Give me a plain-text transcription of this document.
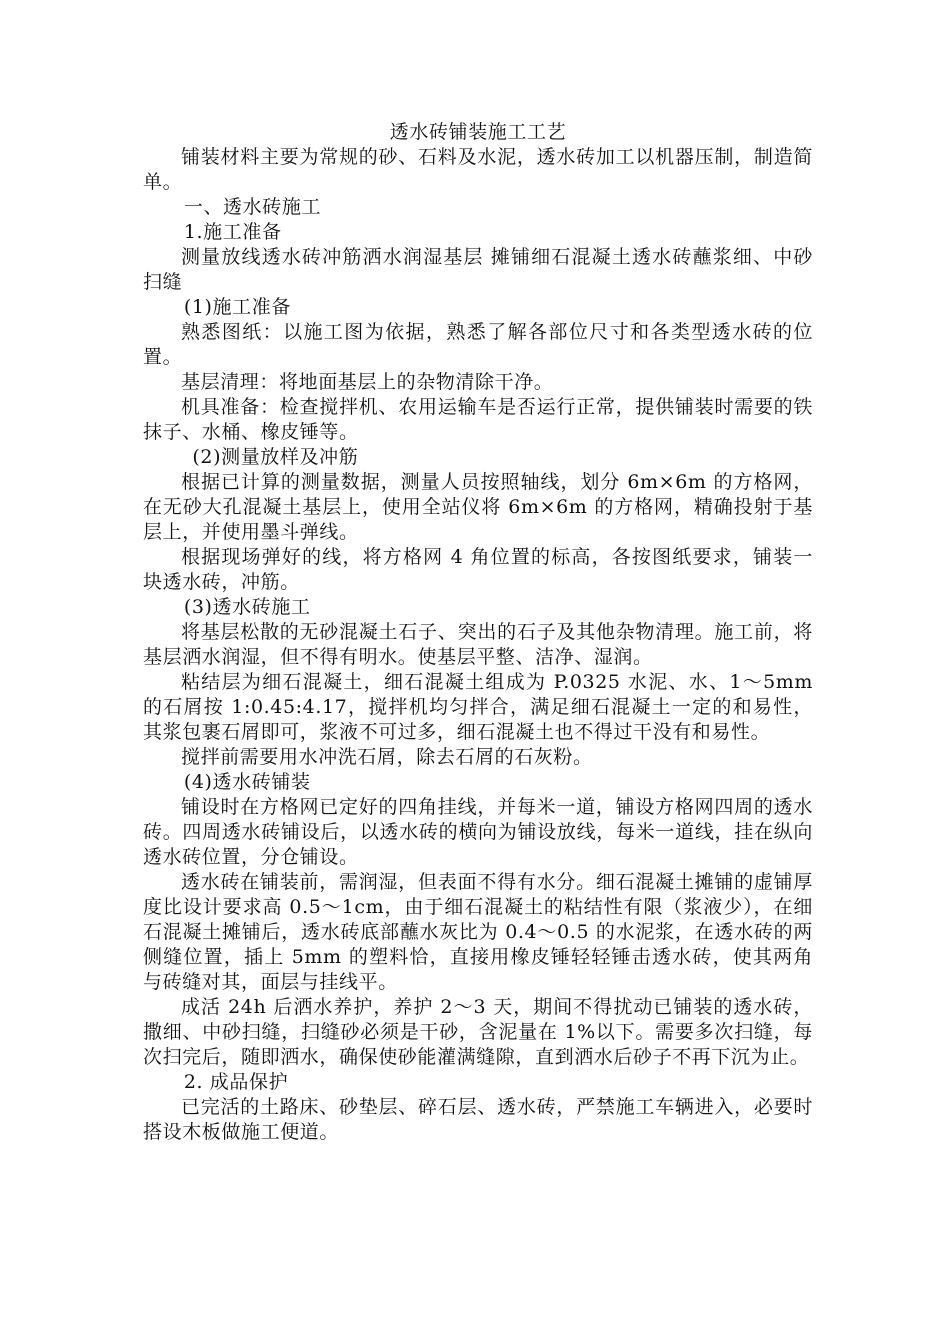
透水砖铺装施工工艺

铺装材料主要为常规的砂、石料及水泥，透水砖加工以机器压制，制造简单。

一、透水砖施工

1.施工准备

测量放线透水砖冲筋洒水润湿基层 摊铺细石混凝土透水砖蘸浆细、中砂扫缝

(1)施工准备

熟悉图纸：以施工图为依据，熟悉了解各部位尺寸和各类型透水砖的位置。

基层清理：将地面基层上的杂物清除干净。

机具准备：检查搅拌机、农用运输车是否运行正常，提供铺装时需要的铁抹子、水桶、橡皮锤等。

(2)测量放样及冲筋

根据已计算的测量数据，测量人员按照轴线，划分 6m×6m 的方格网，在无砂大孔混凝土基层上，使用全站仪将 6m×6m 的方格网，精确投射于基层上，并使用墨斗弹线。

根据现场弹好的线，将方格网 4 角位置的标高，各按图纸要求，铺装一块透水砖，冲筋。

(3)透水砖施工

将基层松散的无砂混凝土石子、突出的石子及其他杂物清理。施工前，将基层洒水润湿，但不得有明水。使基层平整、洁净、湿润。

粘结层为细石混凝土，细石混凝土组成为 P.0325 水泥、水、1～5mm 的石屑按 1:0.45:4.17，搅拌机均匀拌合，满足细石混凝土一定的和易性，其浆包裹石屑即可，浆液不可过多，细石混凝土也不得过干没有和易性。

搅拌前需要用水冲洗石屑，除去石屑的石灰粉。

(4)透水砖铺装

铺设时在方格网已定好的四角挂线，并每米一道，铺设方格网四周的透水砖。四周透水砖铺设后，以透水砖的横向为铺设放线，每米一道线，挂在纵向透水砖位置，分仓铺设。

透水砖在铺装前，需润湿，但表面不得有水分。细石混凝土摊铺的虚铺厚度比设计要求高 0.5～1cm，由于细石混凝土的粘结性有限（浆液少），在细石混凝土摊铺后，透水砖底部蘸水灰比为 0.4～0.5 的水泥浆，在透水砖的两侧缝位置，插上 5mm 的塑料恰，直接用橡皮锤轻轻锤击透水砖，使其两角与砖缝对其，面层与挂线平。

成活 24h 后洒水养护，养护 2～3 天，期间不得扰动已铺装的透水砖，撒细、中砂扫缝，扫缝砂必须是干砂，含泥量在 1%以下。需要多次扫缝，每次扫完后，随即洒水，确保使砂能灌满缝隙，直到洒水后砂子不再下沉为止。

2. 成品保护

已完活的土路床、砂垫层、碎石层、透水砖，严禁施工车辆进入，必要时搭设木板做施工便道。
